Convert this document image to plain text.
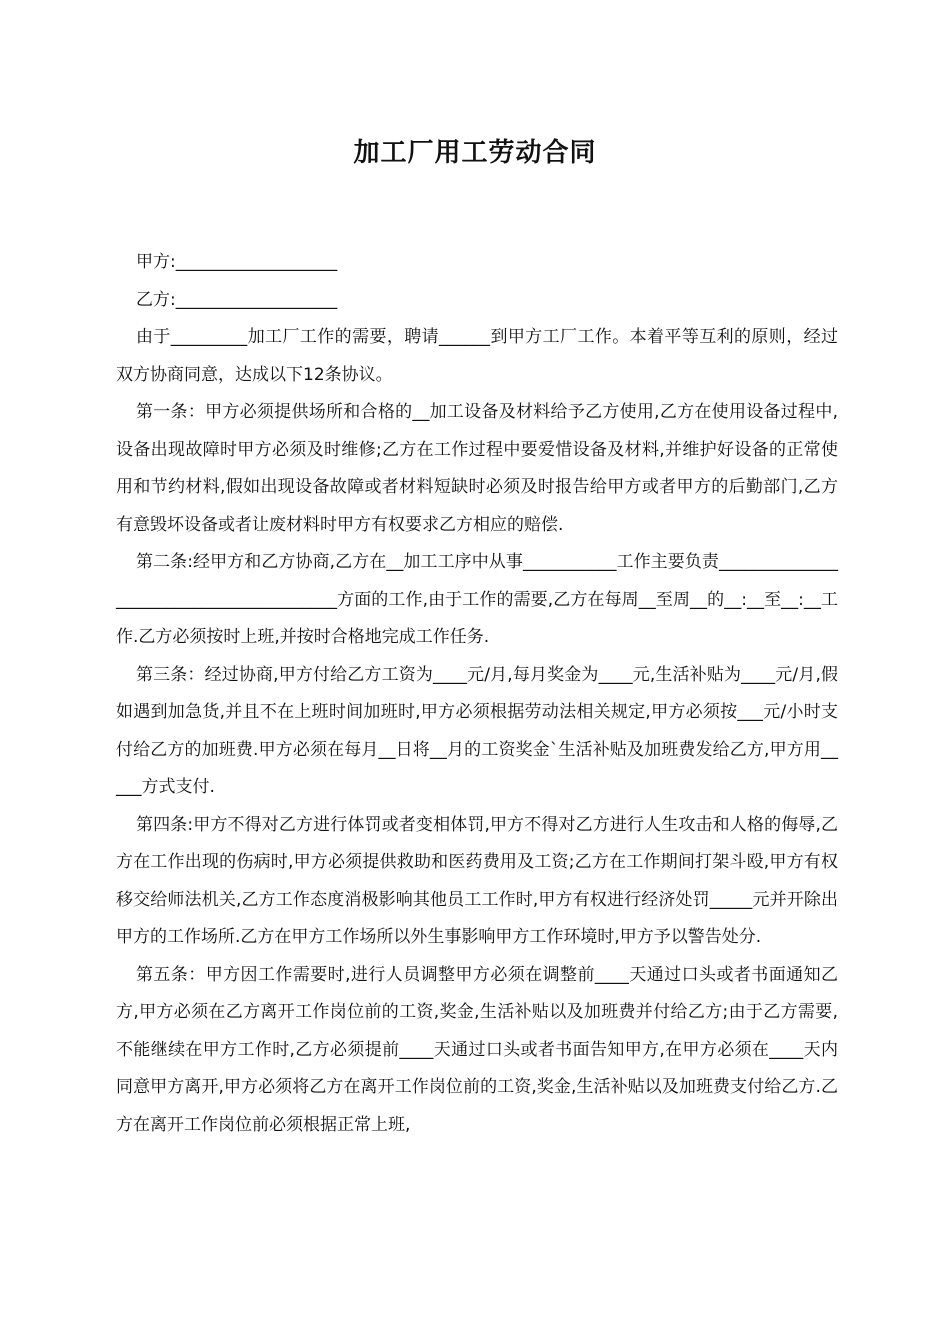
加工厂用工劳动合同

甲方:___________________

乙方:___________________

由于_________加工厂工作的需要，聘请______到甲方工厂工作。本着平等互利的原则，经过双方协商同意，达成以下12条协议。

第一条：甲方必须提供场所和合格的__加工设备及材料给予乙方使用,乙方在使用设备过程中,设备出现故障时甲方必须及时维修;乙方在工作过程中要爱惜设备及材料,并维护好设备的正常使用和节约材料,假如出现设备故障或者材料短缺时必须及时报告给甲方或者甲方的后勤部门,乙方有意毁坏设备或者让废材料时甲方有权要求乙方相应的赔偿.

第二条:经甲方和乙方协商,乙方在__加工工序中从事___________工作主要负责________________________________________方面的工作,由于工作的需要,乙方在每周__至周__的__:__至__:__工作.乙方必须按时上班,并按时合格地完成工作任务.

第三条：经过协商,甲方付给乙方工资为____元/月,每月奖金为____元,生活补贴为____元/月,假如遇到加急货,并且不在上班时间加班时,甲方必须根据劳动法相关规定,甲方必须按___元/小时支付给乙方的加班费.甲方必须在每月__日将__月的工资奖金`生活补贴及加班费发给乙方,甲方用_____方式支付.

第四条:甲方不得对乙方进行体罚或者变相体罚,甲方不得对乙方进行人生攻击和人格的侮辱,乙方在工作出现的伤病时,甲方必须提供救助和医药费用及工资;乙方在工作期间打架斗殴,甲方有权移交给师法机关,乙方工作态度消极影响其他员工工作时,甲方有权进行经济处罚_____元并开除出甲方的工作场所.乙方在甲方工作场所以外生事影响甲方工作环境时,甲方予以警告处分.

第五条：甲方因工作需要时,进行人员调整甲方必须在调整前____天通过口头或者书面通知乙方,甲方必须在乙方离开工作岗位前的工资,奖金,生活补贴以及加班费并付给乙方;由于乙方需要,不能继续在甲方工作时,乙方必须提前____天通过口头或者书面告知甲方,在甲方必须在____天内同意甲方离开,甲方必须将乙方在离开工作岗位前的工资,奖金,生活补贴以及加班费支付给乙方.乙方在离开工作岗位前必须根据正常上班,
